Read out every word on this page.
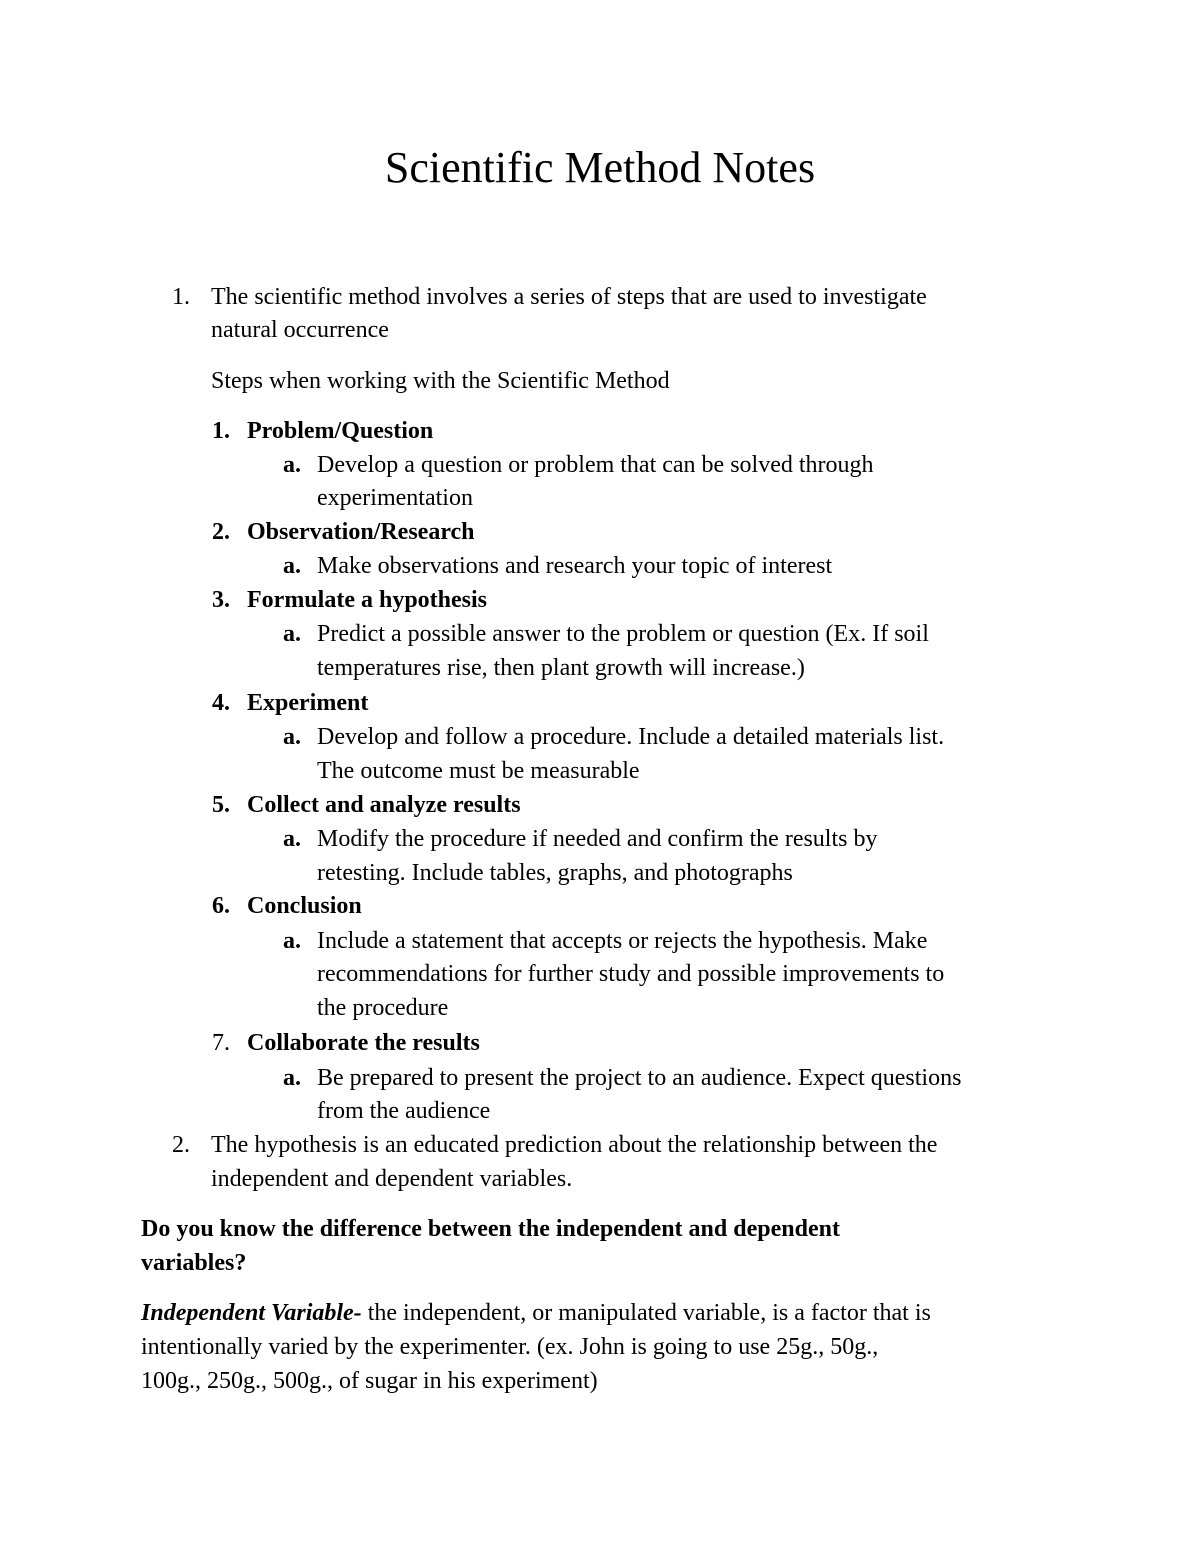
Scientific Method Notes
1. The scientific method involves a series of steps that are used to investigate
natural occurrence
Steps when working with the Scientific Method
1. Problem/Question
a. Develop a question or problem that can be solved through
experimentation
2. Observation/Research
a. Make observations and research your topic of interest
3. Formulate a hypothesis
a. Predict a possible answer to the problem or question (Ex. If soil
temperatures rise, then plant growth will increase.)
4. Experiment
a. Develop and follow a procedure. Include a detailed materials list.
The outcome must be measurable
5. Collect and analyze results
a. Modify the procedure if needed and confirm the results by
retesting. Include tables, graphs, and photographs
6. Conclusion
a. Include a statement that accepts or rejects the hypothesis. Make
recommendations for further study and possible improvements to
the procedure
7. Collaborate the results
a. Be prepared to present the project to an audience. Expect questions
from the audience
2. The hypothesis is an educated prediction about the relationship between the
independent and dependent variables.
Do you know the difference between the independent and dependent
variables?
Independent Variable- the independent, or manipulated variable, is a factor that is
intentionally varied by the experimenter. (ex. John is going to use 25g., 50g.,
100g., 250g., 500g., of sugar in his experiment)
